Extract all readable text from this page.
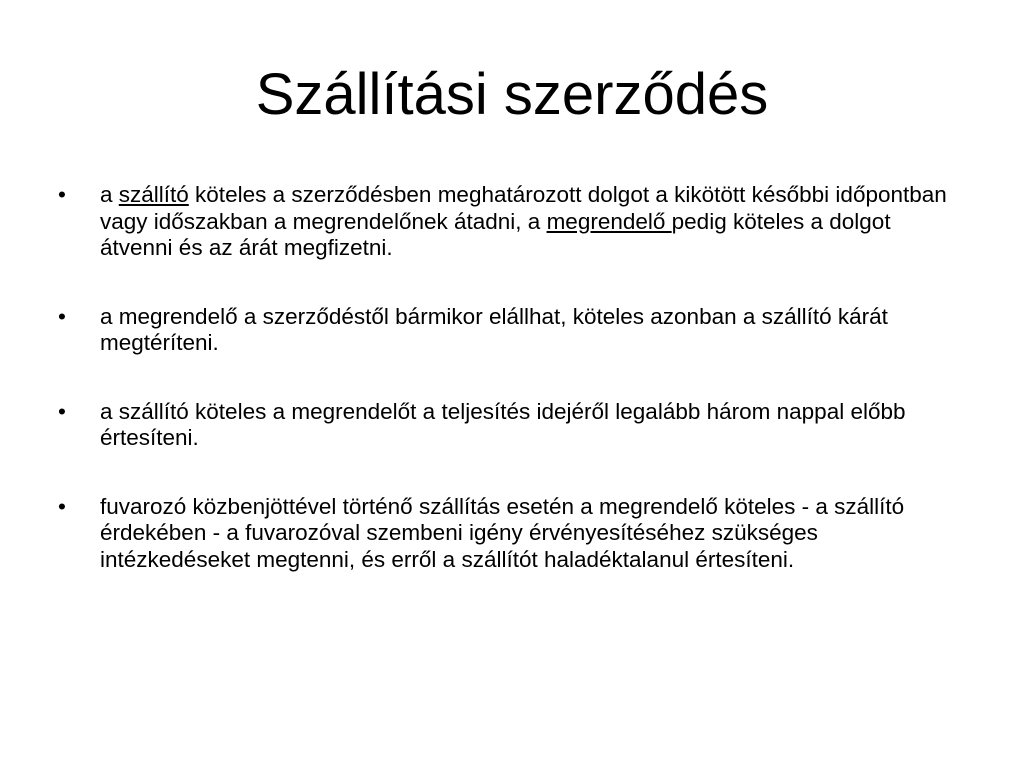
Szállítási szerződés
•	a szállító köteles a szerződésben meghatározott dolgot a kikötött későbbi időpontban vagy időszakban a megrendelőnek átadni, a megrendelő pedig köteles a dolgot átvenni és az árát megfizetni.
•	a megrendelő a szerződéstől bármikor elállhat, köteles azonban a szállító kárát megtéríteni.
•	a szállító köteles a megrendelőt a teljesítés idejéről legalább három nappal előbb értesíteni.
•	fuvarozó közbenjöttével történő szállítás esetén a megrendelő köteles - a szállító érdekében - a fuvarozóval szembeni igény érvényesítéséhez szükséges intézkedéseket megtenni, és erről a szállítót haladéktalanul értesíteni.
